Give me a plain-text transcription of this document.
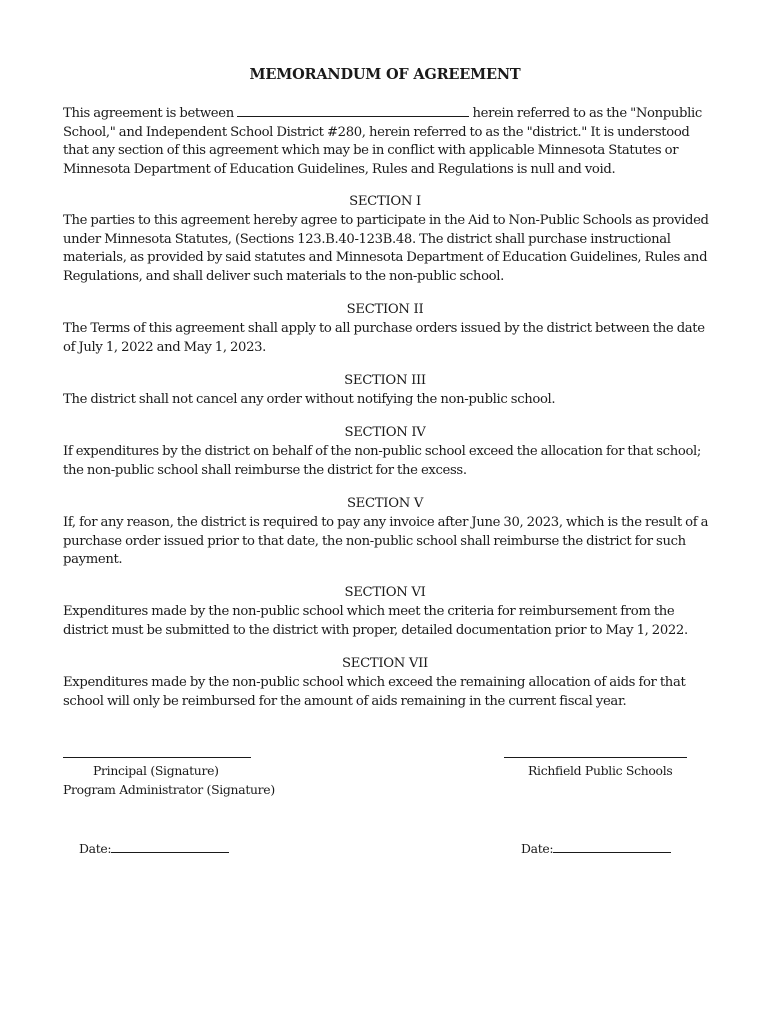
MEMORANDUM OF AGREEMENT

This agreement is between	herein referred to as the "Nonpublic School," and Independent School District #280, herein referred to as the "district." It is understood that any section of this agreement which may be in conflict with applicable Minnesota Statutes or Minnesota Department of Education Guidelines, Rules and Regulations is null and void.

SECTION I

The parties to this agreement hereby agree to participate in the Aid to Non-Public Schools as provided under Minnesota Statutes, (Sections 123.B.40-123B.48. The district shall purchase instructional materials, as provided by said statutes and Minnesota Department of Education Guidelines, Rules and Regulations, and shall deliver such materials to the non-public school.

SECTION II

The Terms of this agreement shall apply to all purchase orders issued by the district between the date of July 1, 2022 and May 1, 2023.

SECTION III

The district shall not cancel any order without notifying the non-public school.

SECTION IV

If expenditures by the district on behalf of the non-public school exceed the allocation for that school; the non-public school shall reimburse the district for the excess.

SECTION V

If, for any reason, the district is required to pay any invoice after June 30, 2023, which is the result of a purchase order issued prior to that date, the non-public school shall reimburse the district for such payment.

SECTION VI

Expenditures made by the non-public school which meet the criteria for reimbursement from the district must be submitted to the district with proper, detailed documentation prior to May 1, 2022.

SECTION VII

Expenditures made by the non-public school which exceed the remaining allocation of aids for that school will only be reimbursed for the amount of aids remaining in the current fiscal year.

Principal (Signature)
Program Administrator (Signature)
Richfield Public Schools
Date:	Date:
